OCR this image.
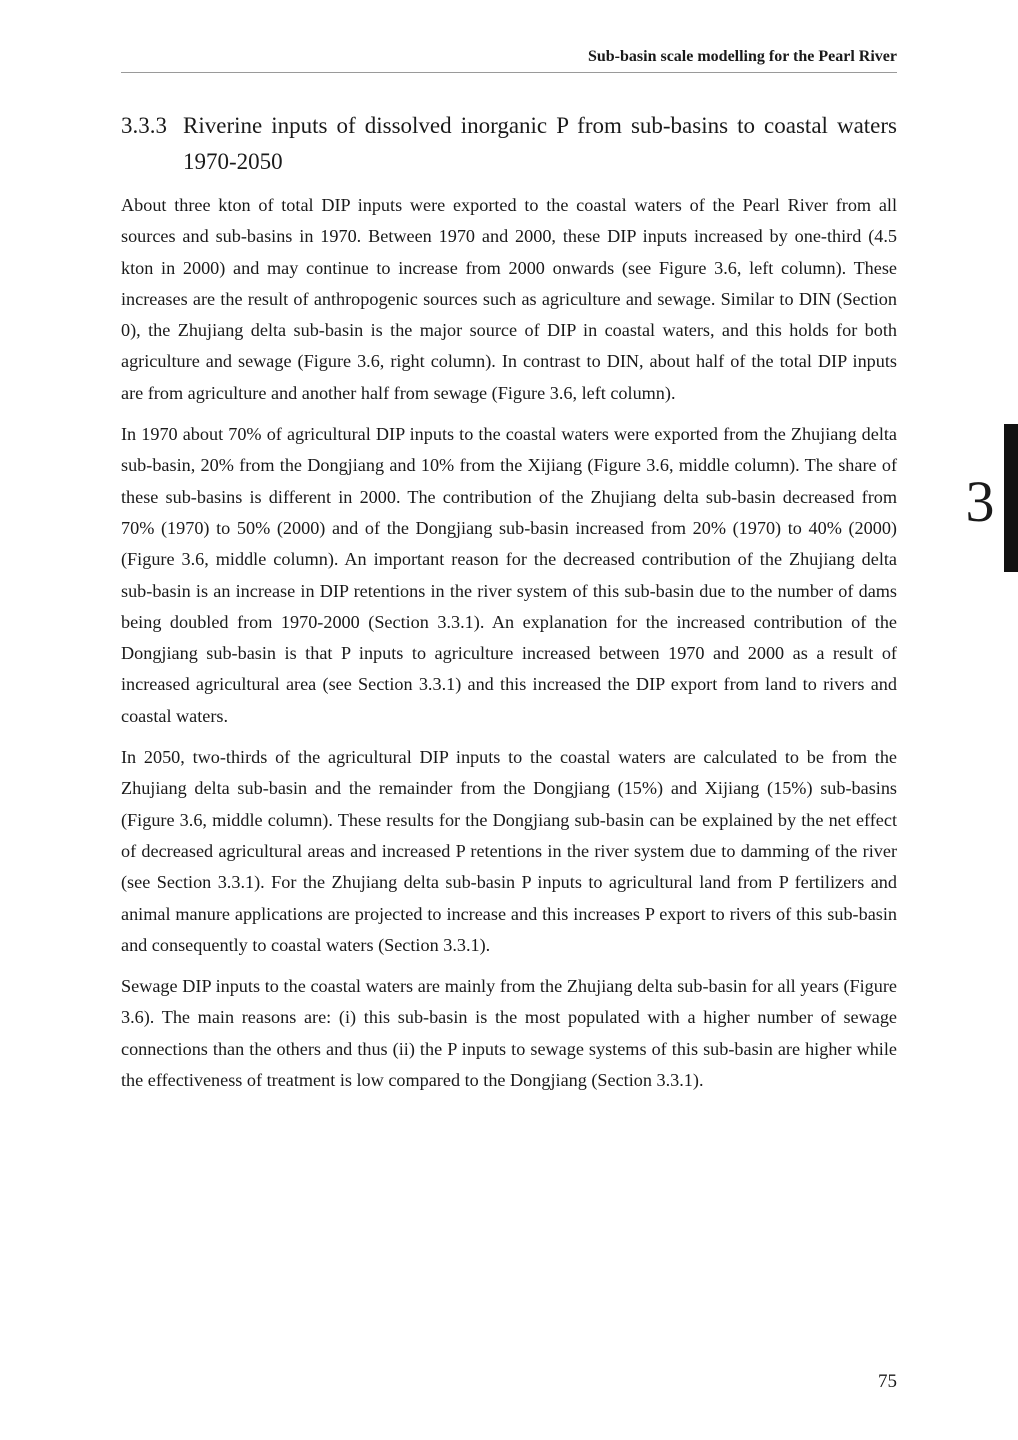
Sub-basin scale modelling for the Pearl River
3.3.3 Riverine inputs of dissolved inorganic P from sub-basins to coastal waters 1970-2050

About three kton of total DIP inputs were exported to the coastal waters of the Pearl River from all sources and sub-basins in 1970. Between 1970 and 2000, these DIP inputs increased by one-third (4.5 kton in 2000) and may continue to increase from 2000 onwards (see Figure 3.6, left column). These increases are the result of anthropogenic sources such as agriculture and sewage. Similar to DIN (Section 0), the Zhujiang delta sub-basin is the major source of DIP in coastal waters, and this holds for both agriculture and sewage (Figure 3.6, right column). In contrast to DIN, about half of the total DIP inputs are from agriculture and another half from sewage (Figure 3.6, left column).

In 1970 about 70% of agricultural DIP inputs to the coastal waters were exported from the Zhujiang delta sub-basin, 20% from the Dongjiang and 10% from the Xijiang (Figure 3.6, middle column). The share of these sub-basins is different in 2000. The contribution of the Zhujiang delta sub-basin decreased from 70% (1970) to 50% (2000) and of the Dongjiang sub-basin increased from 20% (1970) to 40% (2000) (Figure 3.6, middle column). An important reason for the decreased contribution of the Zhujiang delta sub-basin is an increase in DIP retentions in the river system of this sub-basin due to the number of dams being doubled from 1970-2000 (Section 3.3.1). An explanation for the increased contribution of the Dongjiang sub-basin is that P inputs to agriculture increased between 1970 and 2000 as a result of increased agricultural area (see Section 3.3.1) and this increased the DIP export from land to rivers and coastal waters.

In 2050, two-thirds of the agricultural DIP inputs to the coastal waters are calculated to be from the Zhujiang delta sub-basin and the remainder from the Dongjiang (15%) and Xijiang (15%) sub-basins (Figure 3.6, middle column). These results for the Dongjiang sub-basin can be explained by the net effect of decreased agricultural areas and increased P retentions in the river system due to damming of the river (see Section 3.3.1). For the Zhujiang delta sub-basin P inputs to agricultural land from P fertilizers and animal manure applications are projected to increase and this increases P export to rivers of this sub-basin and consequently to coastal waters (Section 3.3.1).

Sewage DIP inputs to the coastal waters are mainly from the Zhujiang delta sub-basin for all years (Figure 3.6). The main reasons are: (i) this sub-basin is the most populated with a higher number of sewage connections than the others and thus (ii) the P inputs to sewage systems of this sub-basin are higher while the effectiveness of treatment is low compared to the Dongjiang (Section 3.3.1).

3
75
